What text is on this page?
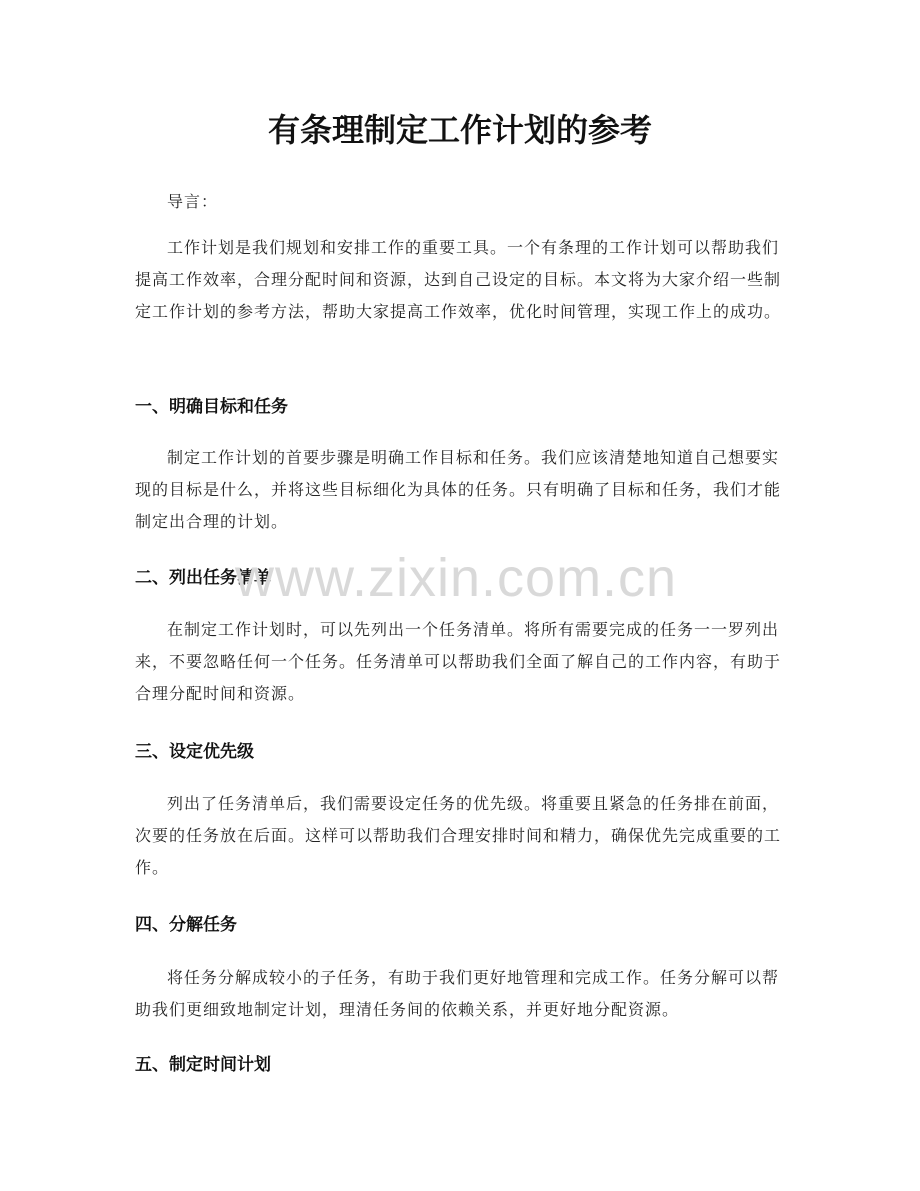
有条理制定工作计划的参考

导言：

工作计划是我们规划和安排工作的重要工具。一个有条理的工作计划可以帮助我们提高工作效率，合理分配时间和资源，达到自己设定的目标。本文将为大家介绍一些制定工作计划的参考方法，帮助大家提高工作效率，优化时间管理，实现工作上的成功。

一、明确目标和任务

制定工作计划的首要步骤是明确工作目标和任务。我们应该清楚地知道自己想要实现的目标是什么，并将这些目标细化为具体的任务。只有明确了目标和任务，我们才能制定出合理的计划。

二、列出任务清单

在制定工作计划时，可以先列出一个任务清单。将所有需要完成的任务一一罗列出来，不要忽略任何一个任务。任务清单可以帮助我们全面了解自己的工作内容，有助于合理分配时间和资源。

三、设定优先级

列出了任务清单后，我们需要设定任务的优先级。将重要且紧急的任务排在前面，次要的任务放在后面。这样可以帮助我们合理安排时间和精力，确保优先完成重要的工作。

四、分解任务

将任务分解成较小的子任务，有助于我们更好地管理和完成工作。任务分解可以帮助我们更细致地制定计划，理清任务间的依赖关系，并更好地分配资源。

五、制定时间计划
www.zixin.com.cn
